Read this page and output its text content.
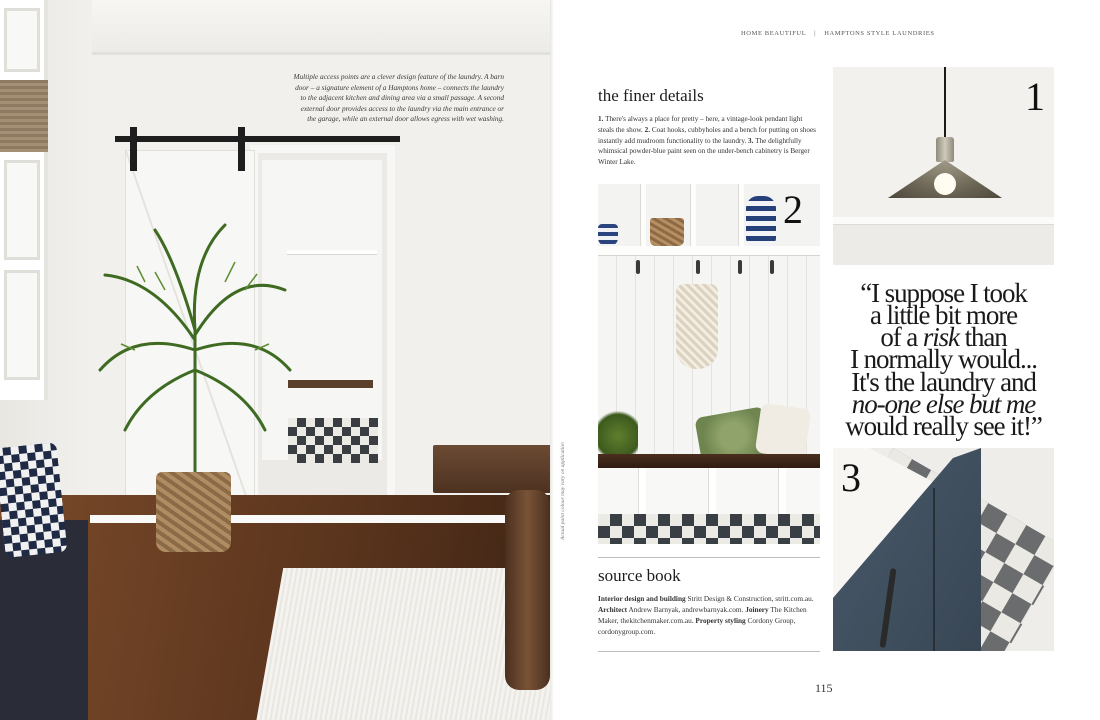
Multiple access points are a clever design feature of the laundry. A barn door – a signature element of a Hamptons home – connects the laundry to the adjacent kitchen and dining area via a small passage. A second external door provides access to the laundry via the main entrance or the garage, while an external door allows egress with wet washing.
Actual paint colour may vary on application
HOME BEAUTIFUL | HAMPTONS STYLE LAUNDRIES
the finer details
1. There's always a place for pretty – here, a vintage-look pendant light steals the show. 2. Coat hooks, cubbyholes and a bench for putting on shoes instantly add mudroom functionality to the laundry. 3. The delightfully whimsical powder-blue paint seen on the under-bench cabinetry is Berger Winter Lake.
1
2
“I suppose I took
a little bit more
of a risk than
I normally would...
It's the laundry and
no-one else but me
would really see it!”
3
source book
Interior design and building Stritt Design & Construction, stritt.com.au. Architect Andrew Barnyak, andrewbarnyak.com. Joinery The Kitchen Maker, thekitchenmaker.com.au. Property styling Cordony Group, cordonygroup.com.
115
